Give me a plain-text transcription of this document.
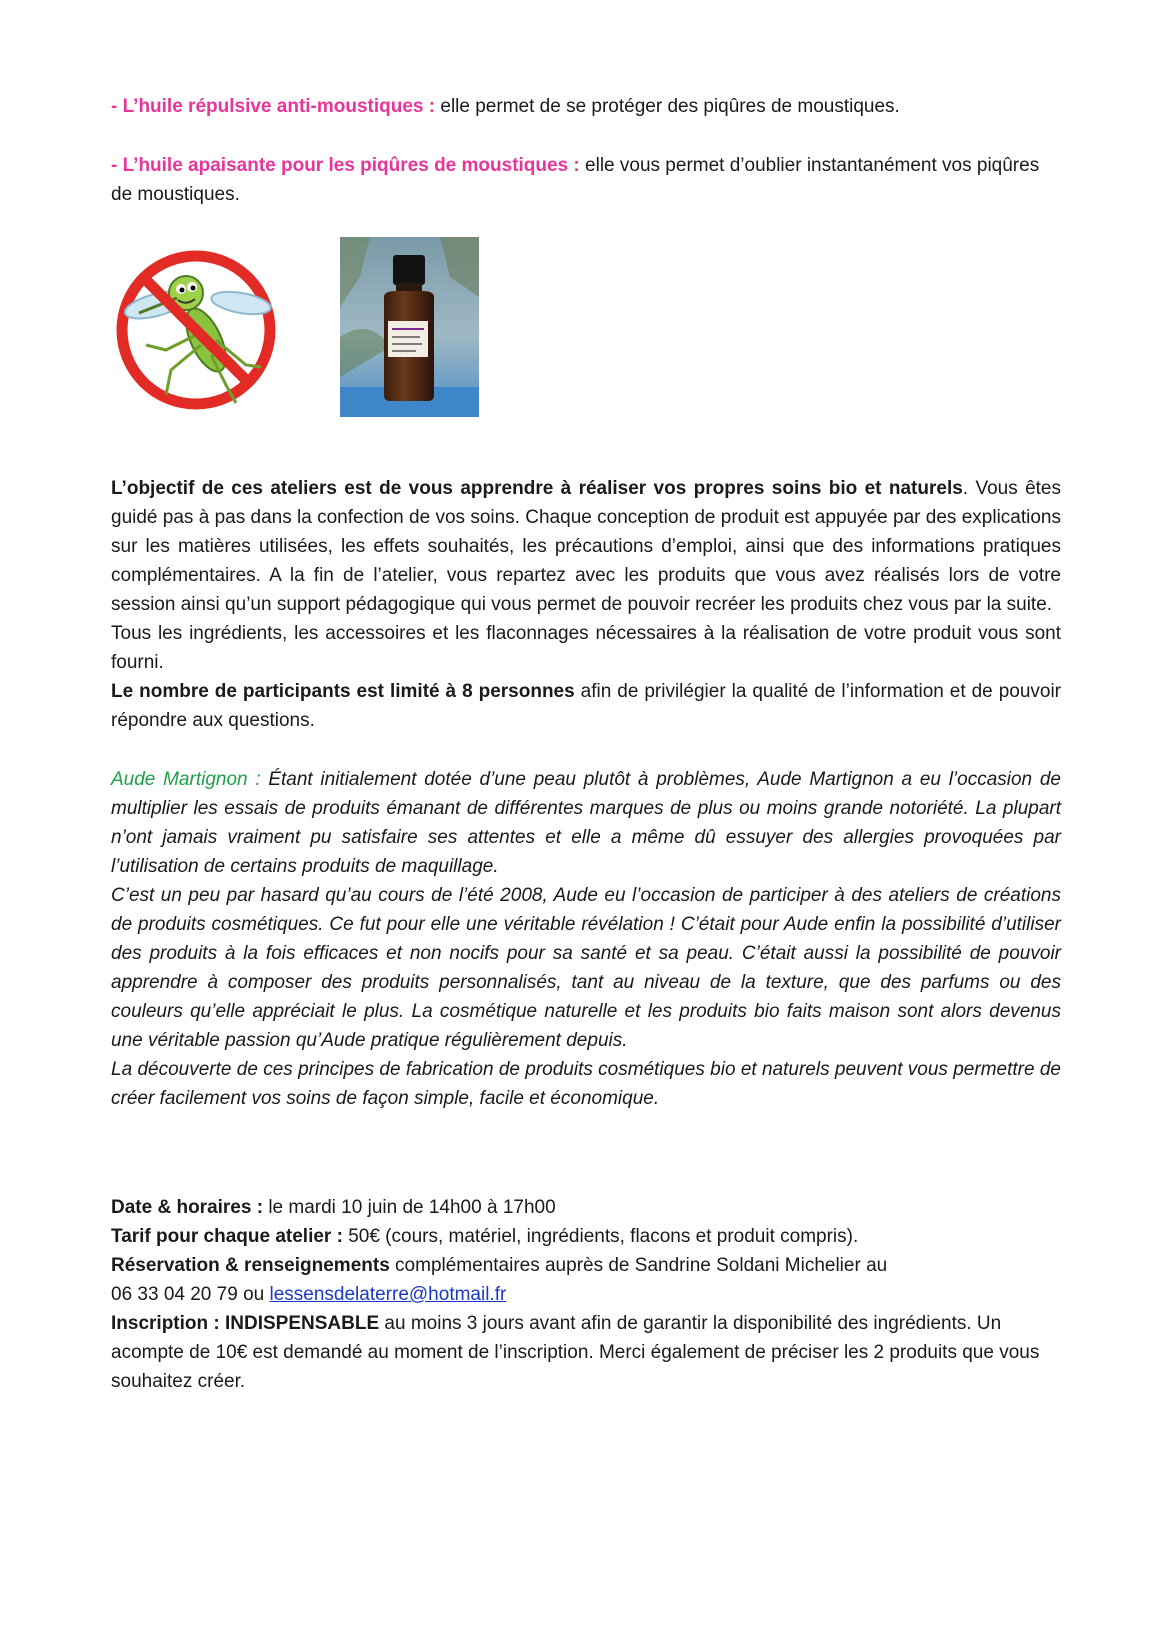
- L’huile répulsive anti-moustiques : elle permet de se protéger des piqûres de moustiques.

- L’huile apaisante pour les piqûres de moustiques : elle vous permet d’oublier instantanément vos piqûres de moustiques.

L’objectif de ces ateliers est de vous apprendre à réaliser vos propres soins bio et naturels. Vous êtes guidé pas à pas dans la confection de vos soins. Chaque conception de produit est appuyée par des explications sur les matières utilisées, les effets souhaités, les précautions d’emploi, ainsi que des informations pratiques complémentaires. A la fin de l’atelier, vous repartez avec les produits que vous avez réalisés lors de votre session ainsi qu’un support pédagogique qui vous permet de pouvoir recréer les produits chez vous par la suite.

Tous les ingrédients, les accessoires et les flaconnages nécessaires à la réalisation de votre produit vous sont fourni.

Le nombre de participants est limité à 8 personnes afin de privilégier la qualité de l’information et de pouvoir répondre aux questions.

Aude Martignon : Étant initialement dotée d’une peau plutôt à problèmes, Aude Martignon a eu l’occasion de multiplier les essais de produits émanant de différentes marques de plus ou moins grande notoriété. La plupart n’ont jamais vraiment pu satisfaire ses attentes et elle a même dû essuyer des allergies provoquées par l’utilisation de certains produits de maquillage.

C’est un peu par hasard qu’au cours de l’été 2008, Aude eu l’occasion de participer à des ateliers de créations de produits cosmétiques. Ce fut pour elle une véritable révélation ! C’était pour Aude enfin la possibilité d’utiliser des produits à la fois efficaces et non nocifs pour sa santé et sa peau. C’était aussi la possibilité de pouvoir apprendre à composer des produits personnalisés, tant au niveau de la texture, que des parfums ou des couleurs qu’elle appréciait le plus. La cosmétique naturelle et les produits bio faits maison sont alors devenus une véritable passion qu’Aude pratique régulièrement depuis.

La découverte de ces principes de fabrication de produits cosmétiques bio et naturels peuvent vous permettre de créer facilement vos soins de façon simple, facile et économique.

Date & horaires : le mardi 10 juin de 14h00 à 17h00

Tarif pour chaque atelier : 50€ (cours, matériel, ingrédients, flacons et produit compris).

Réservation & renseignements complémentaires auprès de Sandrine Soldani Michelier au
06 33 04 20 79 ou lessensdelaterre@hotmail.fr

Inscription : INDISPENSABLE au moins 3 jours avant afin de garantir la disponibilité des ingrédients. Un acompte de 10€ est demandé au moment de l’inscription. Merci également de préciser les 2 produits que vous souhaitez créer.
